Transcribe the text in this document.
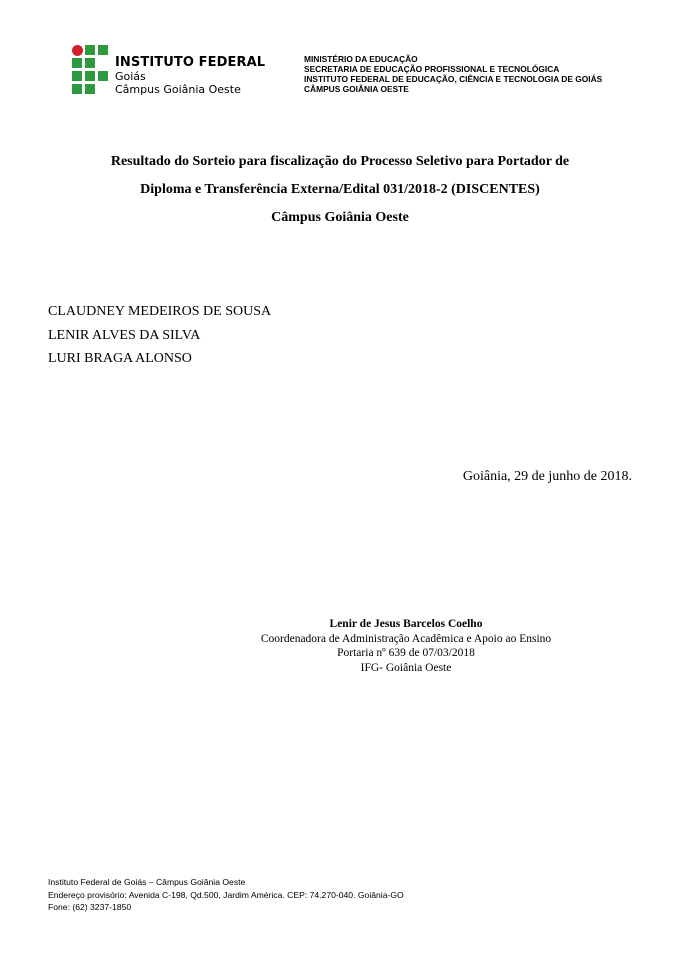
INSTITUTO FEDERAL
Goiás
Câmpus Goiânia Oeste
MINISTÉRIO DA EDUCAÇÃO
SECRETARIA DE EDUCAÇÃO PROFISSIONAL E TECNOLÓGICA
INSTITUTO FEDERAL DE EDUCAÇÃO, CIÊNCIA E TECNOLOGIA DE GOIÁS
CÂMPUS GOIÂNIA OESTE
Resultado do Sorteio para fiscalização do Processo Seletivo para Portador de
Diploma e Transferência Externa/Edital 031/2018-2 (DISCENTES)
Câmpus Goiânia Oeste
CLAUDNEY MEDEIROS DE SOUSA
LENIR ALVES DA SILVA
LURI BRAGA ALONSO
Goiânia, 29 de junho de 2018.
Lenir de Jesus Barcelos Coelho
Coordenadora de Administração Acadêmica e Apoio ao Ensino
Portaria nº 639 de 07/03/2018
IFG- Goiânia Oeste
Instituto Federal de Goiás – Câmpus Goiânia Oeste
Endereço provisório: Avenida C-198, Qd.500, Jardim América. CEP: 74.270-040. Goiânia-GO
Fone: (62) 3237-1850
